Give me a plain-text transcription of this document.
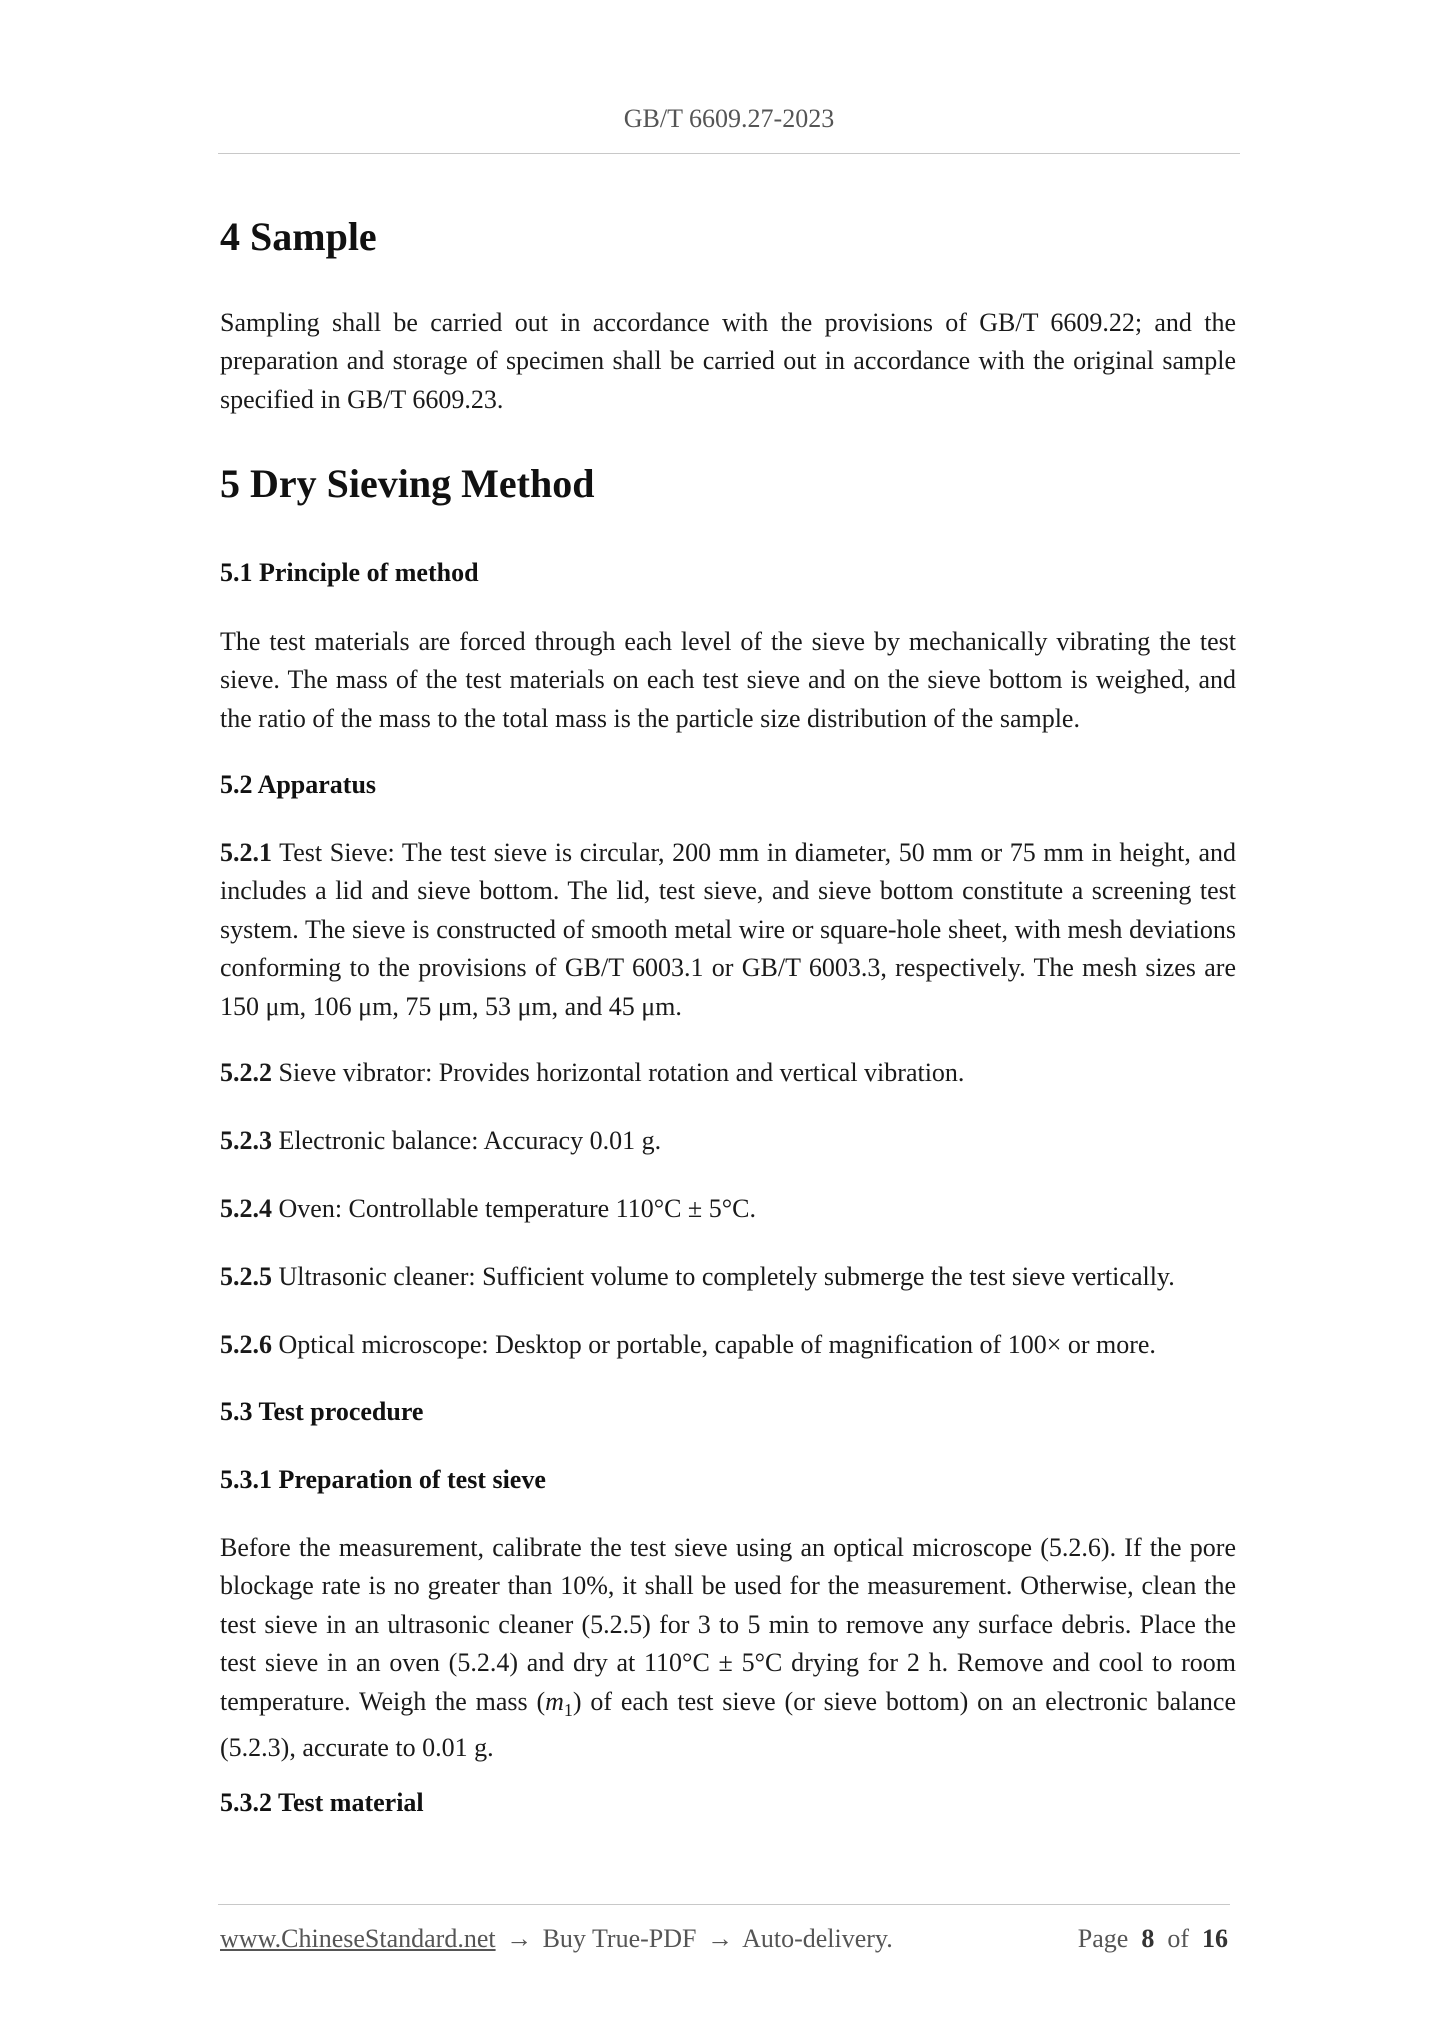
GB/T 6609.27-2023
4 Sample

Sampling shall be carried out in accordance with the provisions of GB/T 6609.22; and the preparation and storage of specimen shall be carried out in accordance with the original sample specified in GB/T 6609.23.

5 Dry Sieving Method
5.1 Principle of method

The test materials are forced through each level of the sieve by mechanically vibrating the test sieve. The mass of the test materials on each test sieve and on the sieve bottom is weighed, and the ratio of the mass to the total mass is the particle size distribution of the sample.

5.2 Apparatus

5.2.1 Test Sieve: The test sieve is circular, 200 mm in diameter, 50 mm or 75 mm in height, and includes a lid and sieve bottom. The lid, test sieve, and sieve bottom constitute a screening test system. The sieve is constructed of smooth metal wire or square-hole sheet, with mesh deviations conforming to the provisions of GB/T 6003.1 or GB/T 6003.3, respectively. The mesh sizes are 150 μm, 106 μm, 75 μm, 53 μm, and 45 μm.

5.2.2 Sieve vibrator: Provides horizontal rotation and vertical vibration.

5.2.3 Electronic balance: Accuracy 0.01 g.

5.2.4 Oven: Controllable temperature 110°C ± 5°C.

5.2.5 Ultrasonic cleaner: Sufficient volume to completely submerge the test sieve vertically.

5.2.6 Optical microscope: Desktop or portable, capable of magnification of 100× or more.

5.3 Test procedure
5.3.1 Preparation of test sieve

Before the measurement, calibrate the test sieve using an optical microscope (5.2.6). If the pore blockage rate is no greater than 10%, it shall be used for the measurement. Otherwise, clean the test sieve in an ultrasonic cleaner (5.2.5) for 3 to 5 min to remove any surface debris. Place the test sieve in an oven (5.2.4) and dry at 110°C ± 5°C drying for 2 h. Remove and cool to room temperature. Weigh the mass $(m_1)$ of each test sieve (or sieve bottom) on an electronic balance (5.2.3), accurate to 0.01 g.

5.3.2 Test material
www.ChineseStandard.net → Buy True-PDF → Auto-delivery.	Page 8 of 16
